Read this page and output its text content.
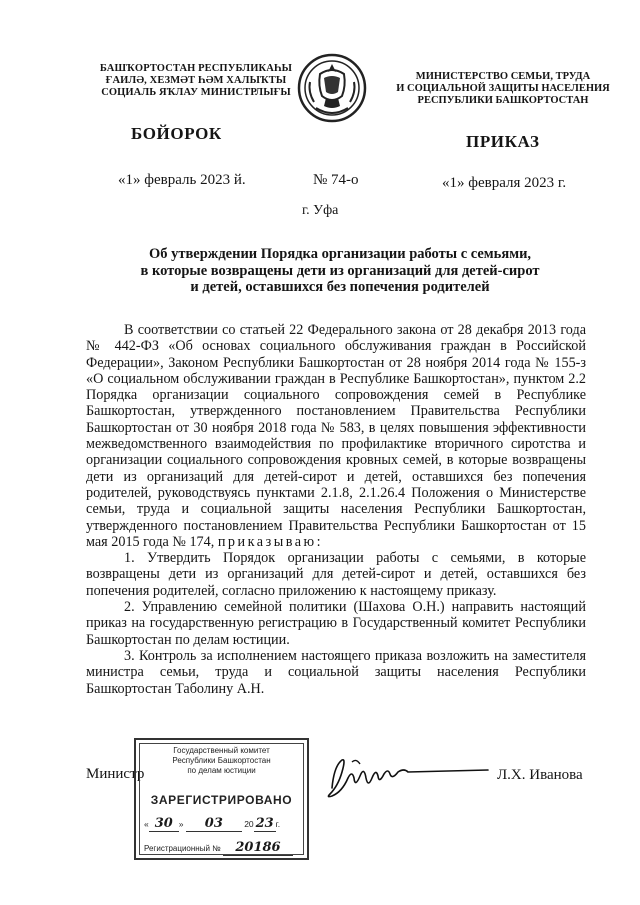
БАШҠОРТОСТАН РЕСПУБЛИКАҺЫ
ҒАИЛӘ, ХЕЗМӘТ ҺӘМ ХАЛЫҠТЫ
СОЦИАЛЬ ЯҠЛАУ МИНИСТРЛЫҒЫ
МИНИСТЕРСТВО СЕМЬИ, ТРУДА
И СОЦИАЛЬНОЙ ЗАЩИТЫ НАСЕЛЕНИЯ
РЕСПУБЛИКИ БАШКОРТОСТАН
БОЙОРОК	ПРИКАЗ
«1» февраль 2023 й.	№ 74-о	«1» февраля 2023 г.
г. Уфа
Об утверждении Порядка организации работы с семьями,
в которые возвращены дети из организаций для детей-сирот
и детей, оставшихся без попечения родителей

В соответствии со статьей 22 Федерального закона от 28 декабря 2013 года № 442-ФЗ «Об основах социального обслуживания граждан в Российской Федерации», Законом Республики Башкортостан от 28 ноября 2014 года № 155-з «О социальном обслуживании граждан в Республике Башкортостан», пунктом 2.2 Порядка организации социального сопровождения семей в Республике Башкортостан, утвержденного постановлением Правительства Республики Башкортостан от 30 ноября 2018 года № 583, в целях повышения эффективности межведомственного взаимодействия по профилактике вторичного сиротства и организации социального сопровождения кровных семей, в которые возвращены дети из организаций для детей-сирот и детей, оставшихся без попечения родителей, руководствуясь пунктами 2.1.8, 2.1.26.4 Положения о Министерстве семьи, труда и социальной защиты населения Республики Башкортостан, утвержденного постановлением Правительства Республики Башкортостан от 15 мая 2015 года № 174, приказываю:

1. Утвердить Порядок организации работы с семьями, в которые возвращены дети из организаций для детей-сирот и детей, оставшихся без попечения родителей, согласно приложению к настоящему приказу.

2. Управлению семейной политики (Шахова О.Н.) направить настоящий приказ на государственную регистрацию в Государственный комитет Республики Башкортостан по делам юстиции.

3. Контроль за исполнением настоящего приказа возложить на заместителя министра семьи, труда и социальной защиты населения Республики Башкортостан Таболину А.Н.

Министр
Государственный комитет
Республики Башкортостан
по делам юстиции
ЗАРЕГИСТРИРОВАНО
« 30 » 03	20 23 г.
Регистрационный № 20186
Л.Х. Иванова
